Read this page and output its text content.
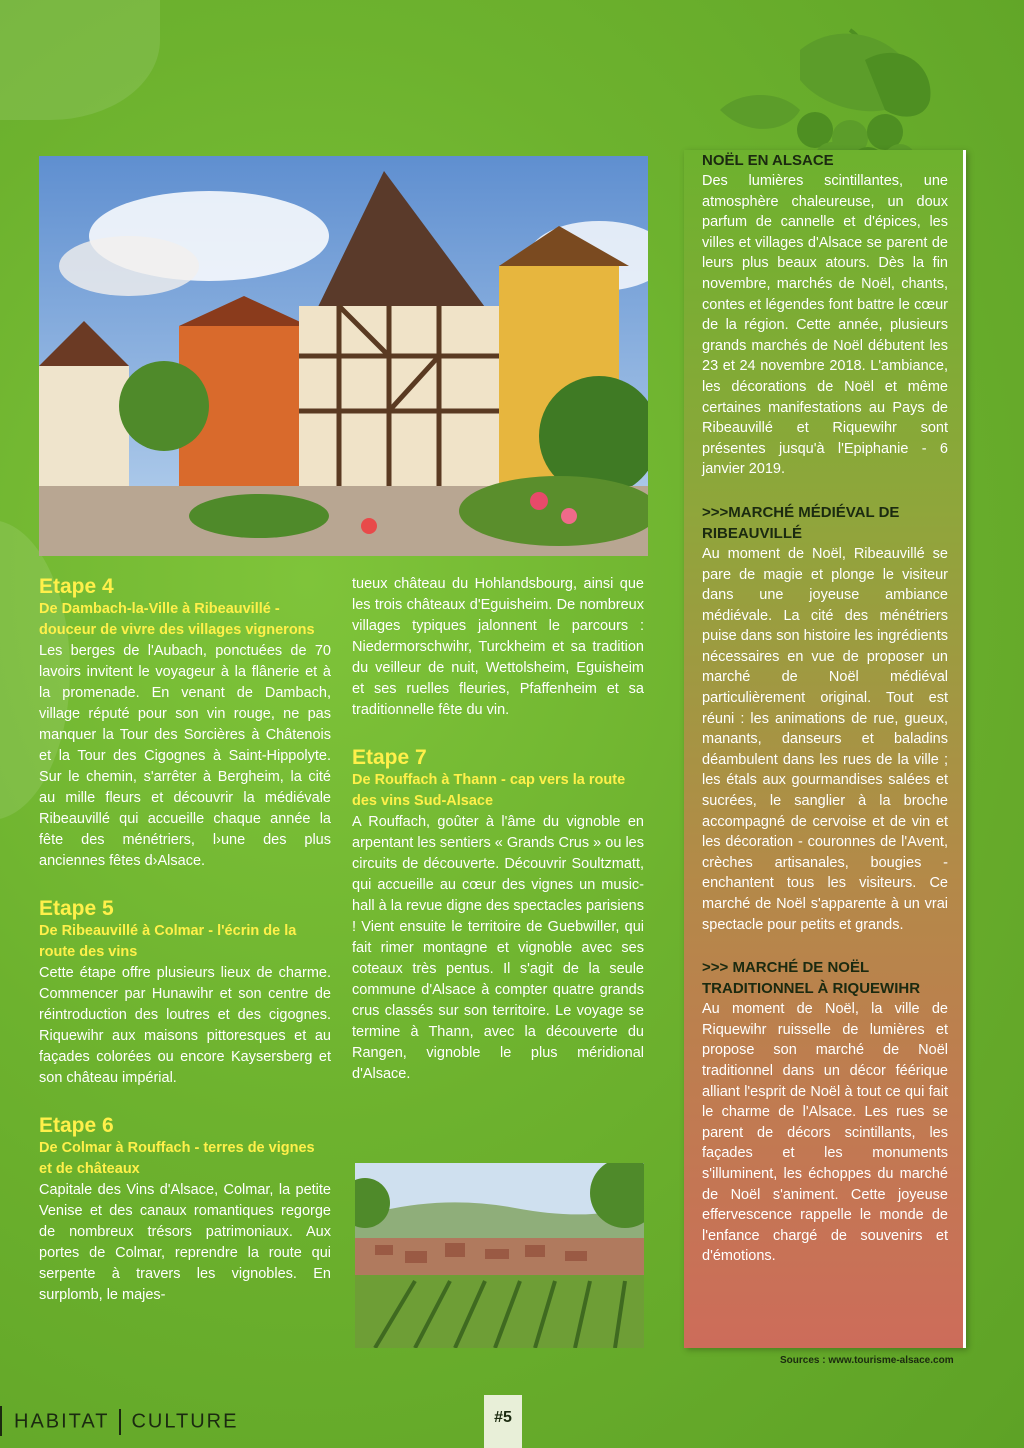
Etape 4
De Dambach-la-Ville à Ribeauvillé - douceur de vivre des villages vignerons
Les berges de l'Aubach, ponctuées de 70 lavoirs invitent le voyageur à la flânerie et à la promenade. En venant de Dambach, village réputé pour son vin rouge, ne pas manquer la Tour des Sorcières à Châtenois et la Tour des Cigognes à Saint-Hippolyte. Sur le chemin, s'arrêter à Bergheim, la cité au mille fleurs et découvrir la médiévale Ribeauvillé qui accueille chaque année la fête des ménétriers, l›une des plus anciennes fêtes d›Alsace.
Etape 5
De Ribeauvillé à Colmar - l'écrin de la route des vins
Cette étape offre plusieurs lieux de charme. Commencer par Hunawihr et son centre de réintroduction des loutres et des cigognes. Riquewihr aux maisons pittoresques et au façades colorées ou encore Kaysersberg et son château impérial.
Etape 6
De Colmar à Rouffach - terres de vignes et de châteaux
Capitale des Vins d'Alsace, Colmar, la petite Venise et des canaux romantiques regorge de nombreux trésors patrimoniaux. Aux portes de Colmar, reprendre la route qui serpente à travers les vignobles. En surplomb, le majes-
tueux château du Hohlandsbourg, ainsi que les trois châteaux d'Eguisheim. De nombreux villages typiques jalonnent le parcours : Niedermorschwihr, Turckheim et sa tradition du veilleur de nuit, Wettolsheim, Eguisheim et ses ruelles fleuries, Pfaffenheim et sa traditionnelle fête du vin.
Etape 7
De Rouffach à Thann - cap vers la route des vins Sud-Alsace
A Rouffach, goûter à l'âme du vignoble en arpentant les sentiers « Grands Crus » ou les circuits de découverte. Découvrir Soultzmatt, qui accueille au cœur des vignes un music-hall à la revue digne des spectacles parisiens ! Vient ensuite le territoire de Guebwiller, qui fait rimer montagne et vignoble avec ses coteaux très pentus. Il s'agit de la seule commune d'Alsace à compter quatre grands crus classés sur son territoire. Le voyage se termine à Thann, avec la découverte du Rangen, vignoble le plus méridional d'Alsace.
NOËL EN ALSACE
Des lumières scintillantes, une atmosphère chaleureuse, un doux parfum de cannelle et d'épices, les villes et villages d'Alsace se parent de leurs plus beaux atours. Dès la fin novembre, marchés de Noël, chants, contes et légendes font battre le cœur de la région. Cette année, plusieurs grands marchés de Noël débutent les 23 et 24 novembre 2018. L'ambiance, les décorations de Noël et même certaines manifestations au Pays de Ribeauvillé et Riquewihr sont présentes jusqu'à l'Epiphanie - 6 janvier 2019.
>>>MARCHÉ MÉDIÉVAL DE RIBEAUVILLÉ
Au moment de Noël, Ribeauvillé se pare de magie et plonge le visiteur dans une joyeuse ambiance médiévale. La cité des ménétriers puise dans son histoire les ingrédients nécessaires en vue de proposer un marché de Noël médiéval particulièrement original. Tout est réuni : les animations de rue, gueux, manants, danseurs et baladins déambulent dans les rues de la ville ; les étals aux gourmandises salées et sucrées, le sanglier à la broche accompagné de cervoise et de vin et les décoration - couronnes de l'Avent, crèches artisanales, bougies - enchantent tous les visiteurs. Ce marché de Noël s'apparente à un vrai spectacle pour petits et grands.
>>> MARCHÉ DE NOËL TRADITIONNEL À RIQUEWIHR
Au moment de Noël, la ville de Riquewihr ruisselle de lumières et propose son marché de Noël traditionnel dans un décor féérique alliant l'esprit de Noël à tout ce qui fait le charme de l'Alsace. Les rues se parent de décors scintillants, les façades et les monuments s'illuminent, les échoppes du marché de Noël s'animent. Cette joyeuse effervescence rappelle le monde de l'enfance chargé de souvenirs et d'émotions.
Sources : www.tourisme-alsace.com
HABITAT CULTURE	#5
